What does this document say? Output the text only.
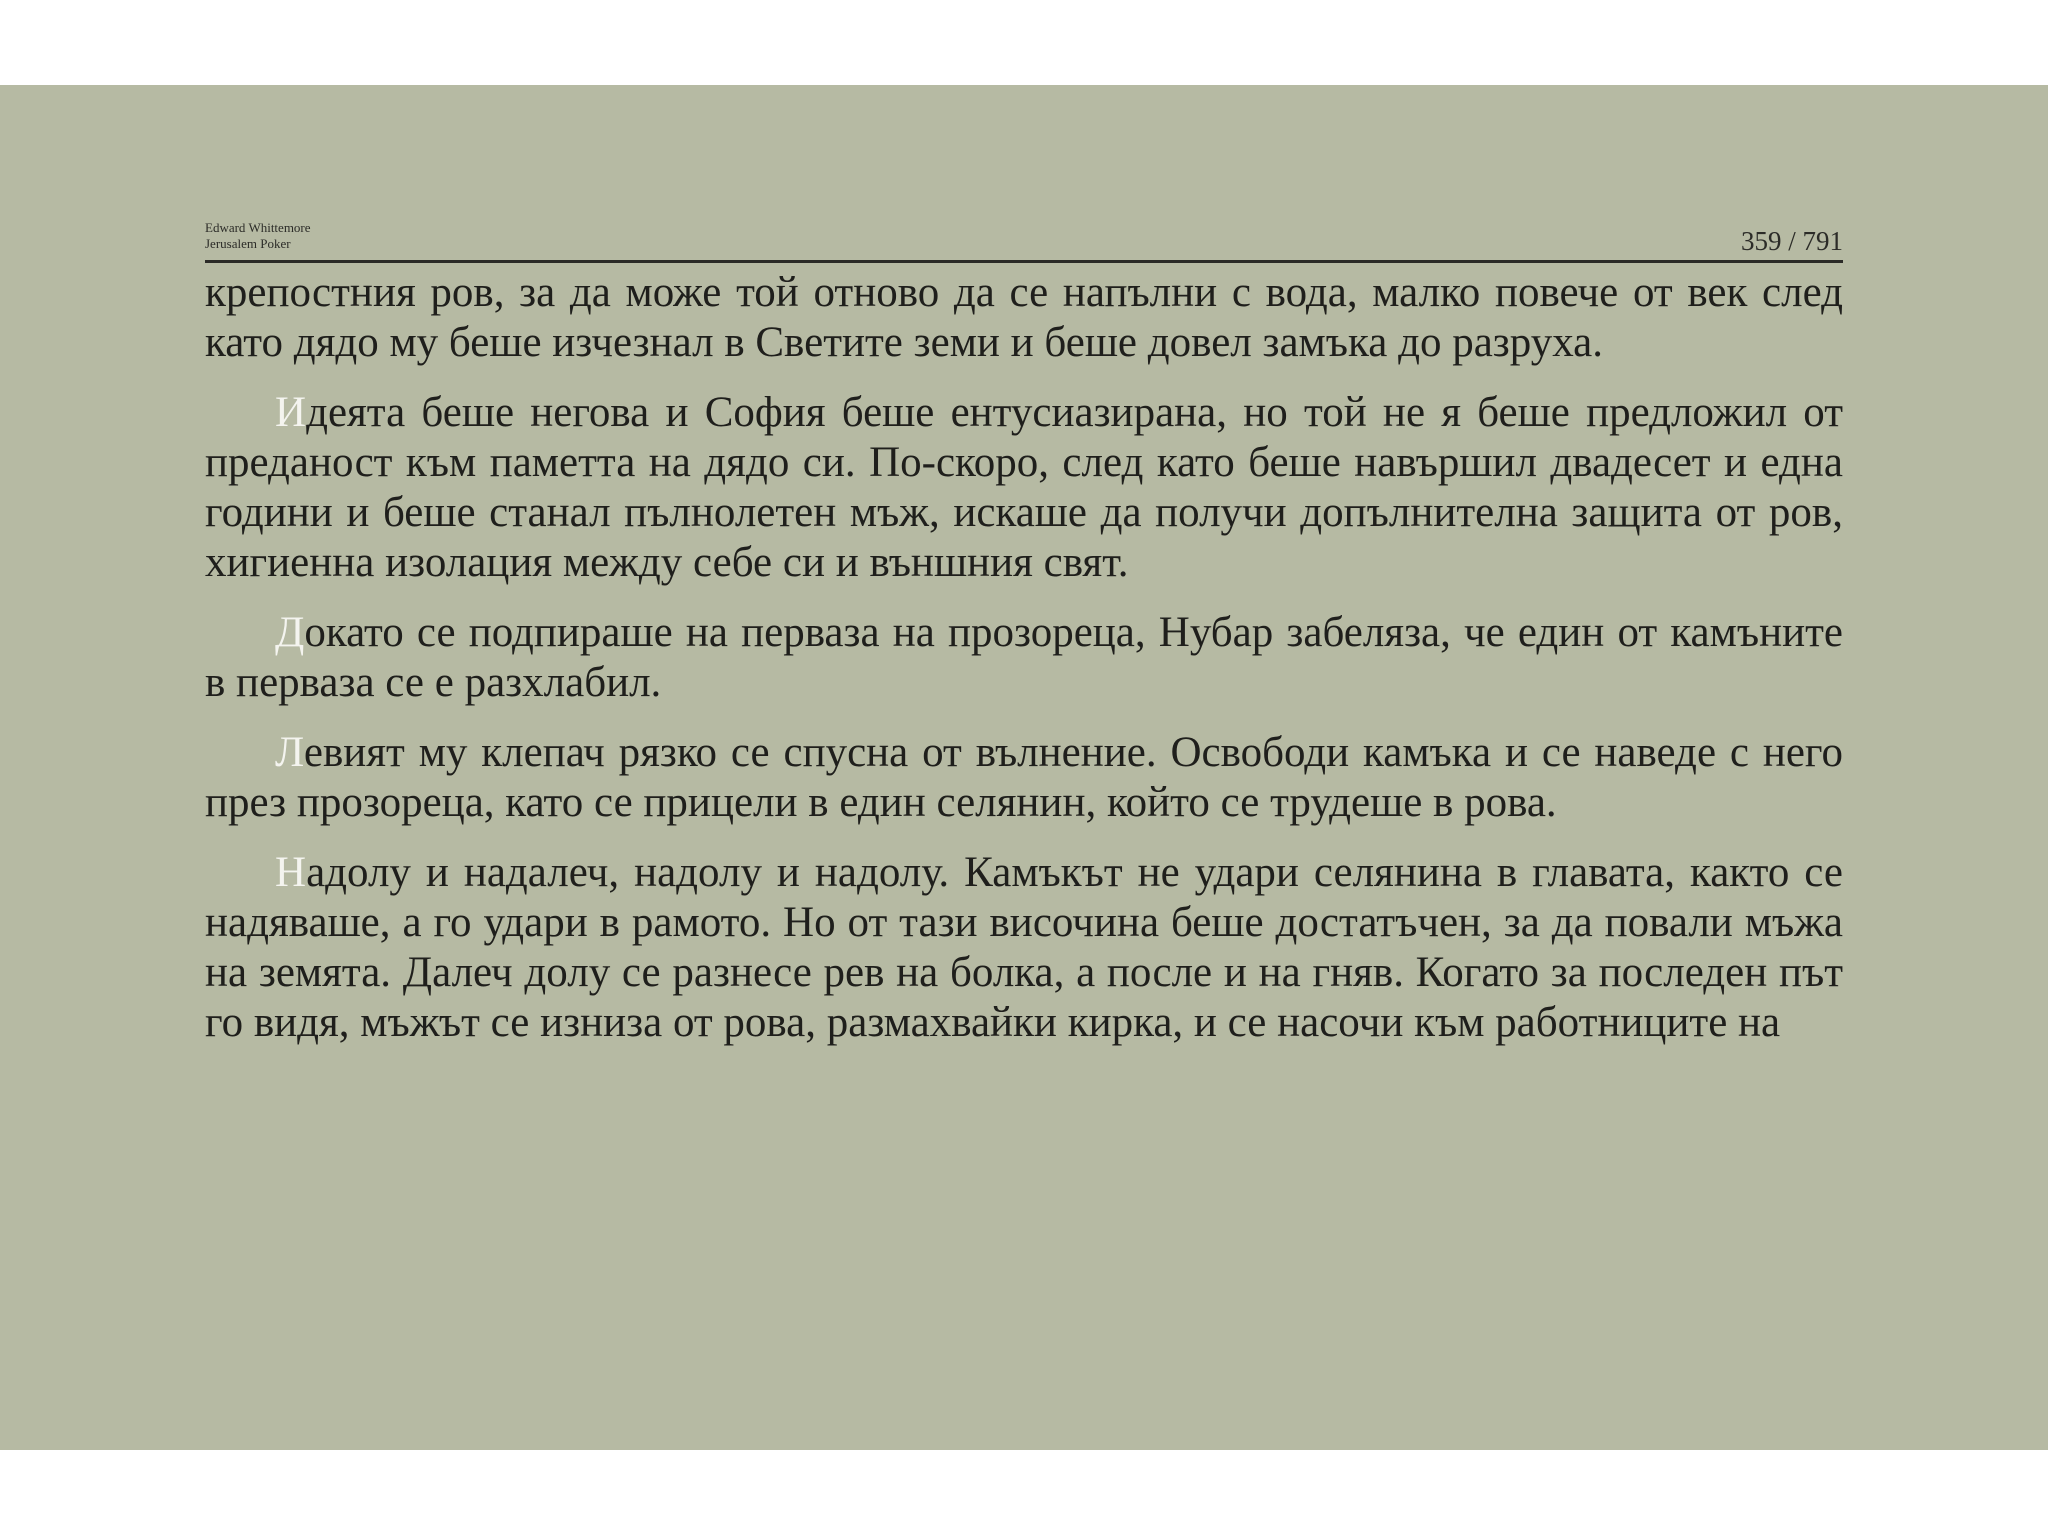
Edward Whittemore
Jerusalem Poker	359 / 791

крепостния ров, за да може той отново да се напълни с вода, малко повече от век след като дядо му беше изчезнал в Светите земи и беше довел замъка до разруха.

Идеята беше негова и София беше ентусиазирана, но той не я беше предложил от преданост към паметта на дядо си. По-скоро, след като беше навършил двадесет и една години и беше станал пълнолетен мъж, искаше да получи допълнителна защита от ров, хигиенна изолация между себе си и външния свят.

Докато се подпираше на перваза на прозореца, Нубар забеляза, че един от камъните в перваза се е разхлабил.

Левият му клепач рязко се спусна от вълнение. Освободи камъка и се наведе с него през прозореца, като се прицели в един селянин, който се трудеше в рова.

Надолу и надалеч, надолу и надолу. Камъкът не удари селянина в главата, както се надяваше, а го удари в рамото. Но от тази височина беше достатъчен, за да повали мъжа на земята. Далеч долу се разнесе рев на болка, а после и на гняв. Когато за последен път го видя, мъжът се изниза от рова, размахвайки кирка, и се насочи към работниците на
